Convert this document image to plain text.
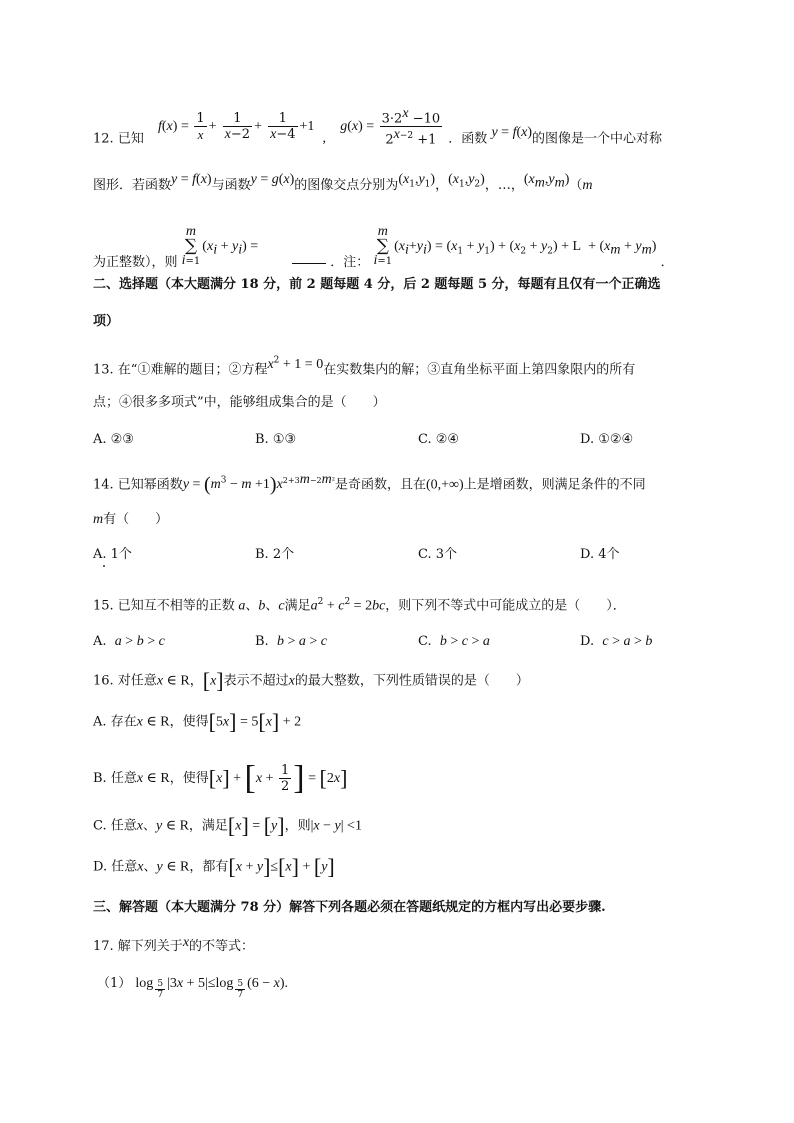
12. 已知 $f(x) = \frac{1}{x} + \frac{1}{x-2} + \frac{1}{x-4} +1$ , $g(x) = \frac{3\cdot 2^x -10}{2^{x-2} +1}$ ．函数 y = f(x)的图像是一个中心对称
图形．若函数y = f(x)与函数y = g(x)的图像交点分别为$(x_1,y_1)$，$(x_1,y_2)$，…，$(x_m,y_m)(m$
为正整数），则 m
∑
$i=1(x_i + y_i)$ = ．注： m
∑
$i=1(x_i+y_i) = (x_1 + y_1) + (x_2 + y_2) + L + (x_m + y_m)$ ．
二、选择题（本大题满分 18 分，前 2 题每题 4 分，后 2 题每题 5 分，每题有且仅有一个正确选
项）
13. 在“①难解的题目；②方程$x^2 + 1 = 0$在实数集内的解；③直角坐标平面上第四象限内的所有
点；④很多多项式”中，能够组成集合的是（　　）
A. ②③	B. ①③	C. ②④	D. ①②④
14. 已知幂函数$y = (m^3 - m +1)x^{2+3m-2m^2}$是奇函数，且在(0,+∞)上是增函数，则满足条件的不同
m有（　　）
A. 1个	B. 2个	C. 3个	D. 4个
15. 已知互不相等的正数 a、b、c满足$a^2 + c^2 = 2bc$，则下列不等式中可能成立的是（　　）．
A. a > b > c	B. b > a > c	C. b > c > a	D. c > a > b
16. 对任意x ∈ R，[x]表示不超过x的最大整数，下列性质错误的是（　　）
A. 存在x ∈ R，使得[5x] = 5[x] + 2
B. 任意x ∈ R，使得$[x] + [x + \frac{1}{2}$ ] = [2x]
C. 任意x、y ∈ R，满足[x] = [y]，则|x − y| <1
D. 任意x、y ∈ R，都有[x + y]≤[x] + [y]
三、解答题（本大题满分 78 分）解答下列各题必须在答题纸规定的方框内写出必要步骤.
17. 解下列关于x的不等式：
（1） $\log \frac{5}{7} |3x + 5|\le\log \frac{5}{7} (6 - x)$.
